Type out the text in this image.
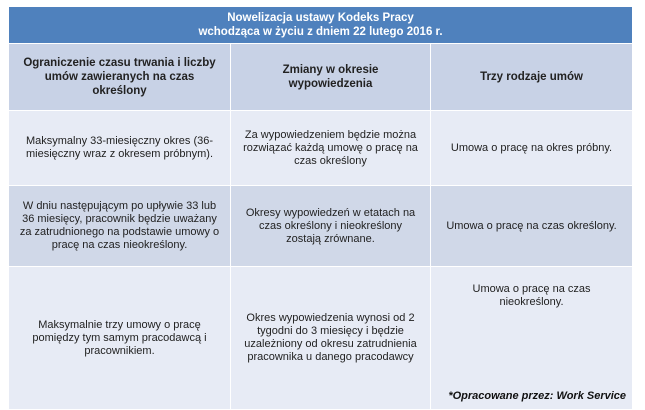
Nowelizacja ustawy Kodeks Pracy
wchodząca w życiu z dniem 22 lutego 2016 r.		

Ograniczenie czasu trwania i liczby umów zawieranych na czas określony	Zmiany w okresie wypowiedzenia	Trzy rodzaje umów
Maksymalny 33-miesięczny okres (36-miesięczny wraz z okresem próbnym).	Za wypowiedzeniem będzie można rozwiązać każdą umowę o pracę na czas określony	Umowa o pracę na okres próbny.
W dniu następującym po upływie 33 lub 36 miesięcy, pracownik będzie uważany za zatrudnionego na podstawie umowy o pracę na czas nieokreślony.	Okresy wypowiedzeń w etatach na czas określony i nieokreślony zostają zrównane.	Umowa o pracę na czas określony.
Maksymalnie trzy umowy o pracę pomiędzy tym samym pracodawcą i pracownikiem.	Okres wypowiedzenia wynosi od 2 tygodni do 3 miesięcy i będzie uzależniony od okresu zatrudnienia pracownika u danego pracodawcy	Umowa o pracę na czas nieokreślony.
*Opracowane przez: Work Service
